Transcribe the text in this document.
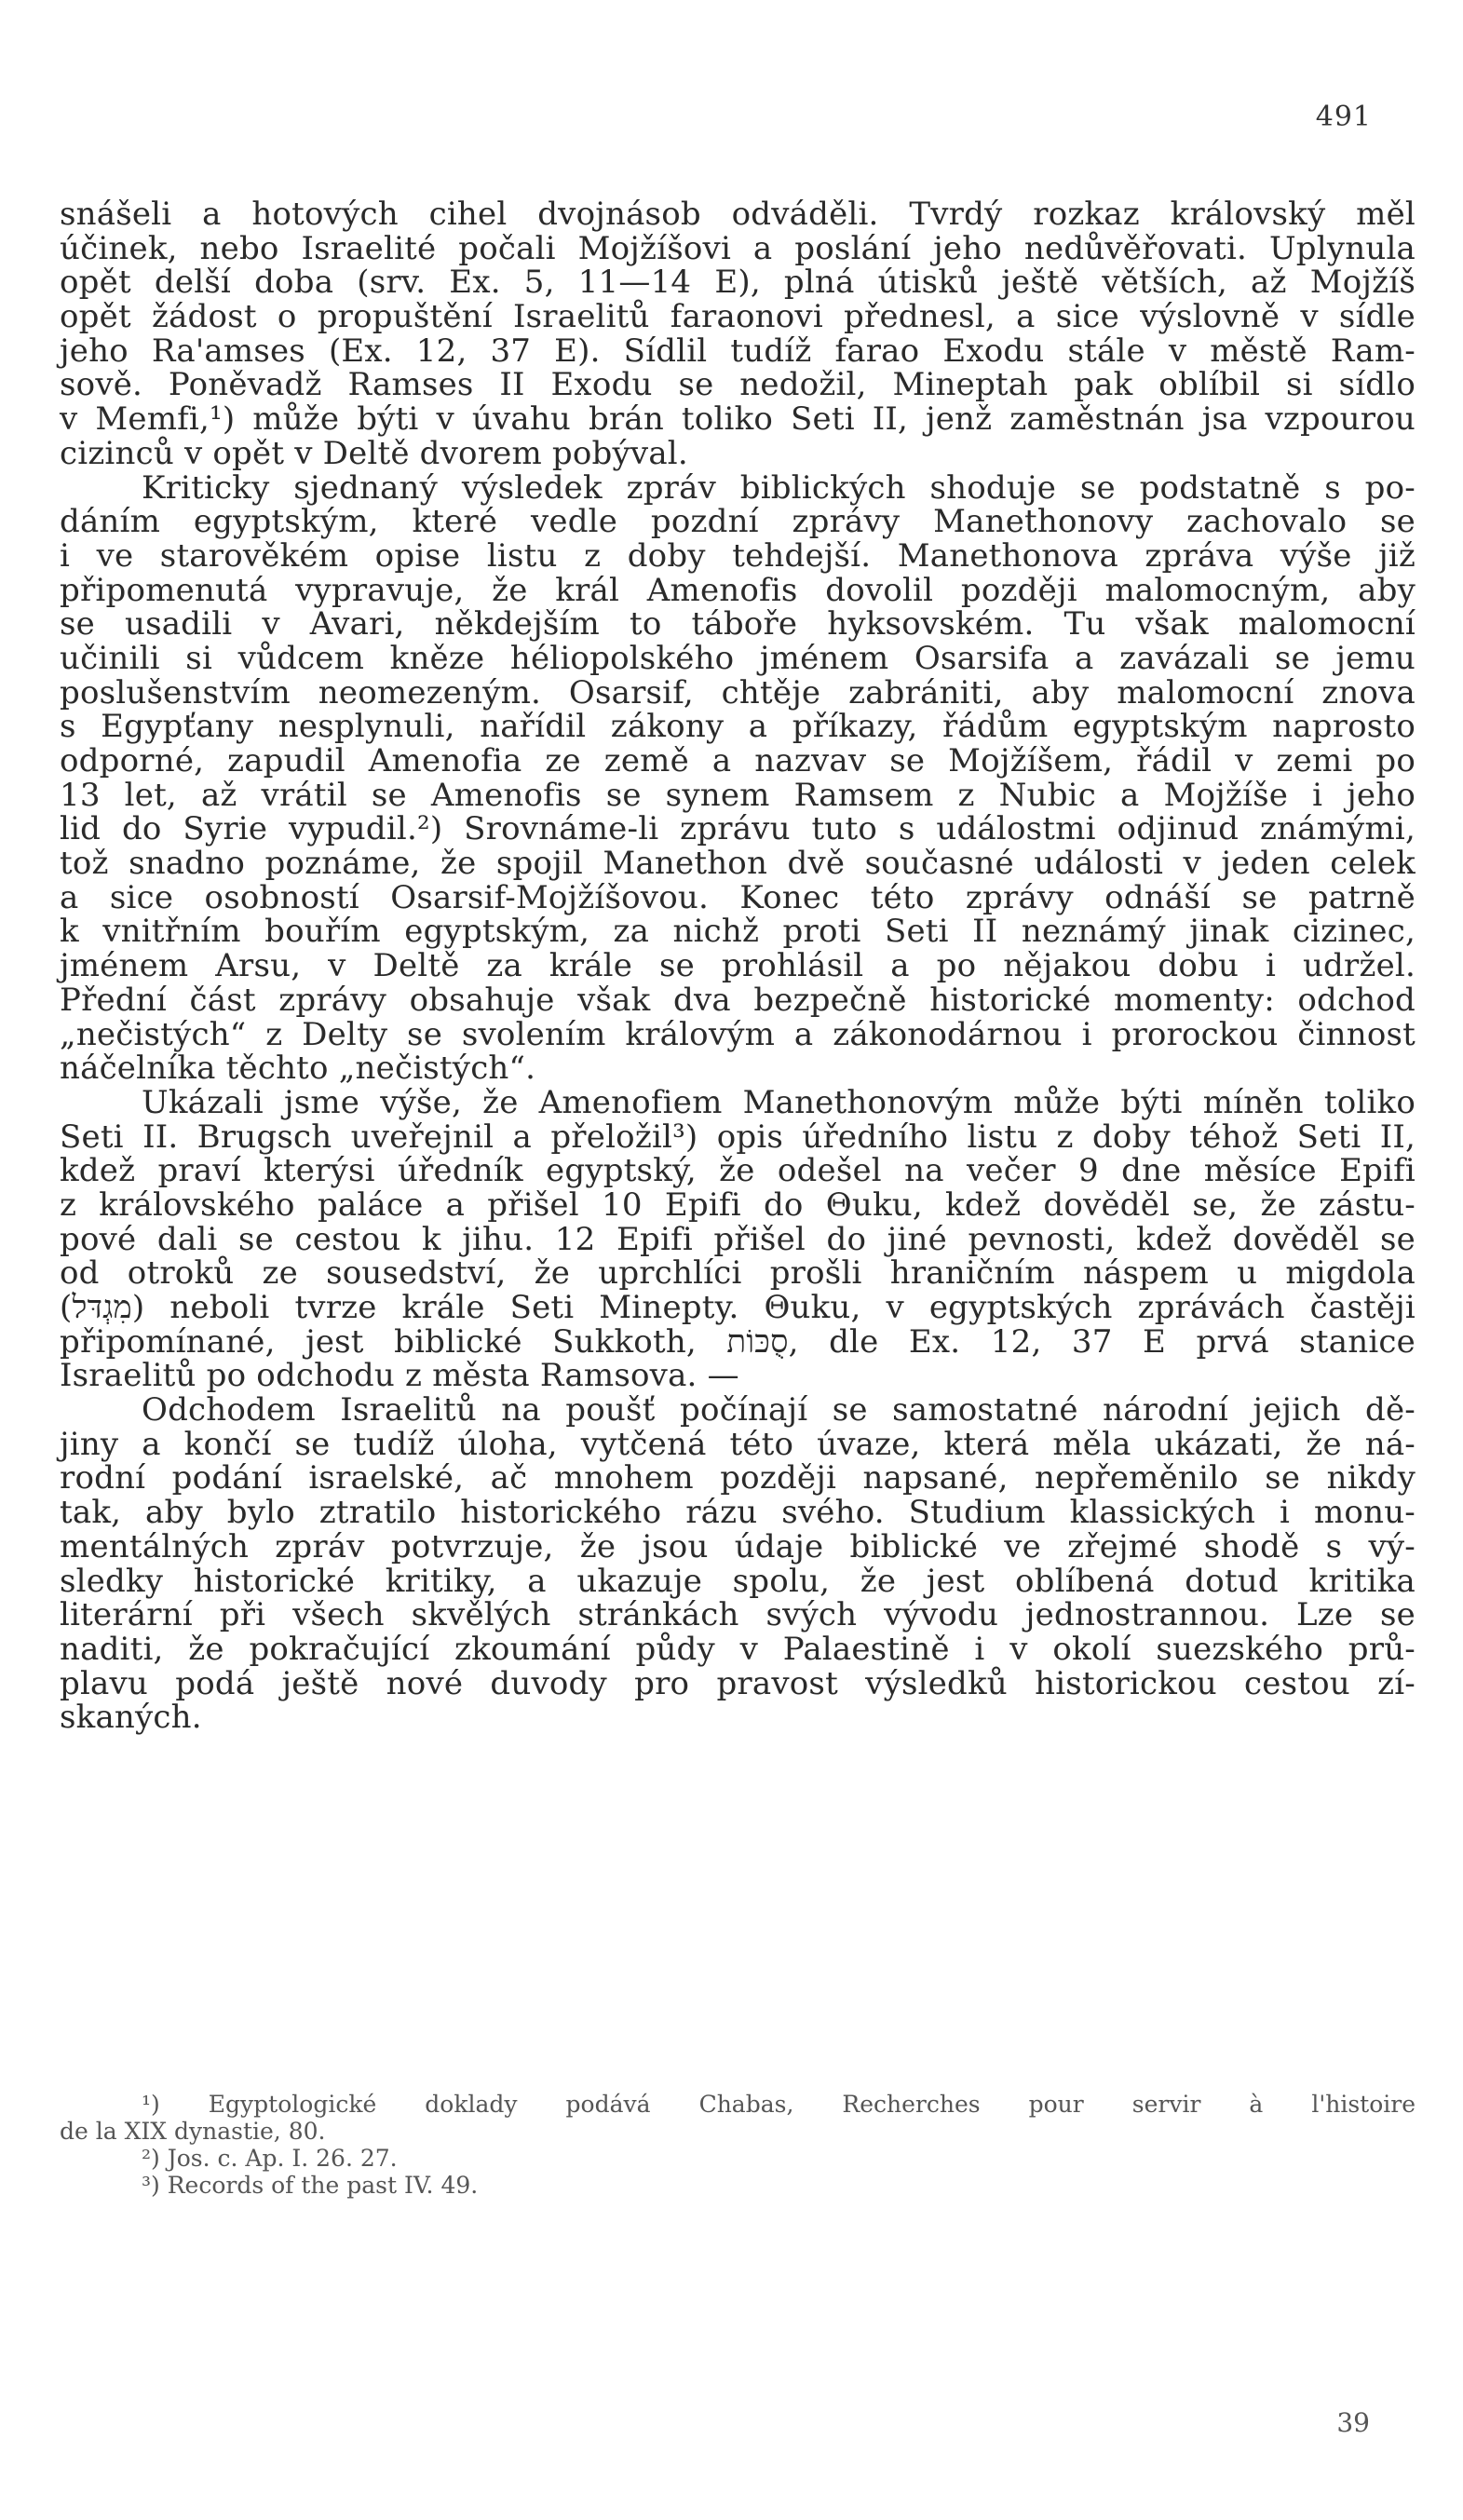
491
snášeli a hotových cihel dvojnásob odváděli. Tvrdý rozkaz královský měl
účinek, nebo Israelité počali Mojžíšovi a poslání jeho nedůvěřovati. Uplynula
opět delší doba (srv. Ex. 5, 11—14 E), plná útisků ještě větších, až Mojžíš
opět žádost o propuštění Israelitů faraonovi přednesl, a sice výslovně v sídle
jeho Ra'amses (Ex. 12, 37 E). Sídlil tudíž farao Exodu stále v městě Ram-
sově. Poněvadž Ramses II Exodu se nedožil, Mineptah pak oblíbil si sídlo
v Memfi,¹) může býti v úvahu brán toliko Seti II, jenž zaměstnán jsa vzpourou
cizinců v opět v Deltě dvorem pobýval.
Kriticky sjednaný výsledek zpráv biblických shoduje se podstatně s po-
dáním egyptským, které vedle pozdní zprávy Manethonovy zachovalo se
i ve starověkém opise listu z doby tehdejší. Manethonova zpráva výše již
připomenutá vypravuje, že král Amenofis dovolil později malomocným, aby
se usadili v Avari, někdejším to táboře hyksovském. Tu však malomocní
učinili si vůdcem kněze héliopolského jménem Osarsifa a zavázali se jemu
poslušenstvím neomezeným. Osarsif, chtěje zabrániti, aby malomocní znova
s Egypťany nesplynuli, nařídil zákony a příkazy, řádům egyptským naprosto
odporné, zapudil Amenofia ze země a nazvav se Mojžíšem, řádil v zemi po
13 let, až vrátil se Amenofis se synem Ramsem z Nubic a Mojžíše i jeho
lid do Syrie vypudil.²) Srovnáme-li zprávu tuto s událostmi odjinud známými,
tož snadno poznáme, že spojil Manethon dvě současné události v jeden celek
a sice osobností Osarsif-Mojžíšovou. Konec této zprávy odnáší se patrně
k vnitřním bouřím egyptským, za nichž proti Seti II neznámý jinak cizinec,
jménem Arsu, v Deltě za krále se prohlásil a po nějakou dobu i udržel.
Přední část zprávy obsahuje však dva bezpečně historické momenty: odchod
„nečistých“ z Delty se svolením královým a zákonodárnou i prorockou činnost
náčelníka těchto „nečistých“.
Ukázali jsme výše, že Amenofiem Manethonovým může býti míněn toliko
Seti II. Brugsch uveřejnil a přeložil³) opis úředního listu z doby téhož Seti II,
kdež praví kterýsi úředník egyptský, že odešel na večer 9 dne měsíce Epifi
z královského paláce a přišel 10 Epifi do Θuku, kdež dověděl se, že zástu-
pové dali se cestou k jihu. 12 Epifi přišel do jiné pevnosti, kdež dověděl se
od otroků ze sousedství, že uprchlíci prošli hraničním náspem u migdola
(מִגְדּל) neboli tvrze krále Seti Minepty. Θuku, v egyptských zprávách častěji
připomínané, jest biblické Sukkoth, סֻכּוֹת, dle Ex. 12, 37 E prvá stanice
Israelitů po odchodu z města Ramsova. —
Odchodem Israelitů na poušť počínají se samostatné národní jejich dě-
jiny a končí se tudíž úloha, vytčená této úvaze, která měla ukázati, že ná-
rodní podání israelské, ač mnohem později napsané, nepřeměnilo se nikdy
tak, aby bylo ztratilo historického rázu svého. Studium klassických i monu-
mentálných zpráv potvrzuje, že jsou údaje biblické ve zřejmé shodě s vý-
sledky historické kritiky, a ukazuje spolu, že jest oblíbená dotud kritika
literární při všech skvělých stránkách svých vývodu jednostrannou. Lze se
naditi, že pokračující zkoumání půdy v Palaestině i v okolí suezského prů-
plavu podá ještě nové duvody pro pravost výsledků historickou cestou zí-
skaných.
¹) Egyptologické doklady podává Chabas, Recherches pour servir à l'histoire
de la XIX dynastie, 80.
²) Jos. c. Ap. I. 26. 27.
³) Records of the past IV. 49.
39
